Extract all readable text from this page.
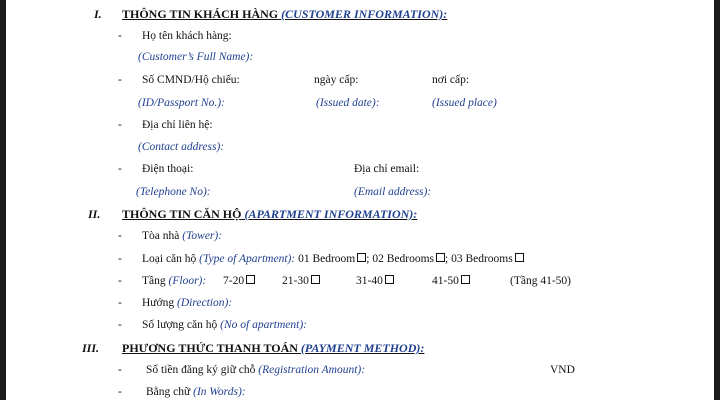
I. THÔNG TIN KHÁCH HÀNG (CUSTOMER INFORMATION):
- Họ tên khách hàng:
(Customer’s Full Name):
- Số CMND/Hộ chiếu:	ngày cấp:	nơi cấp:
(ID/Passport No.):	(Issued date):	(Issued place)
- Địa chỉ liên hệ:
(Contact address):
- Điện thoại:	Địa chỉ email:
(Telephone No):	(Email address):
II. THÔNG TIN CĂN HỘ (APARTMENT INFORMATION):
- Tòa nhà (Tower):
- Loại căn hộ (Type of Apartment): 01 Bedroom ; 02 Bedrooms ; 03 Bedrooms
- Tầng (Floor): 7-20	21-30	31-40	41-50	(Tầng 41-50)
- Hướng (Direction):
- Số lượng căn hộ (No of apartment):
III. PHƯƠNG THỨC THANH TOÁN (PAYMENT METHOD):
- Số tiền đăng ký giữ chỗ (Registration Amount):	VND
- Bằng chữ (In Words):
